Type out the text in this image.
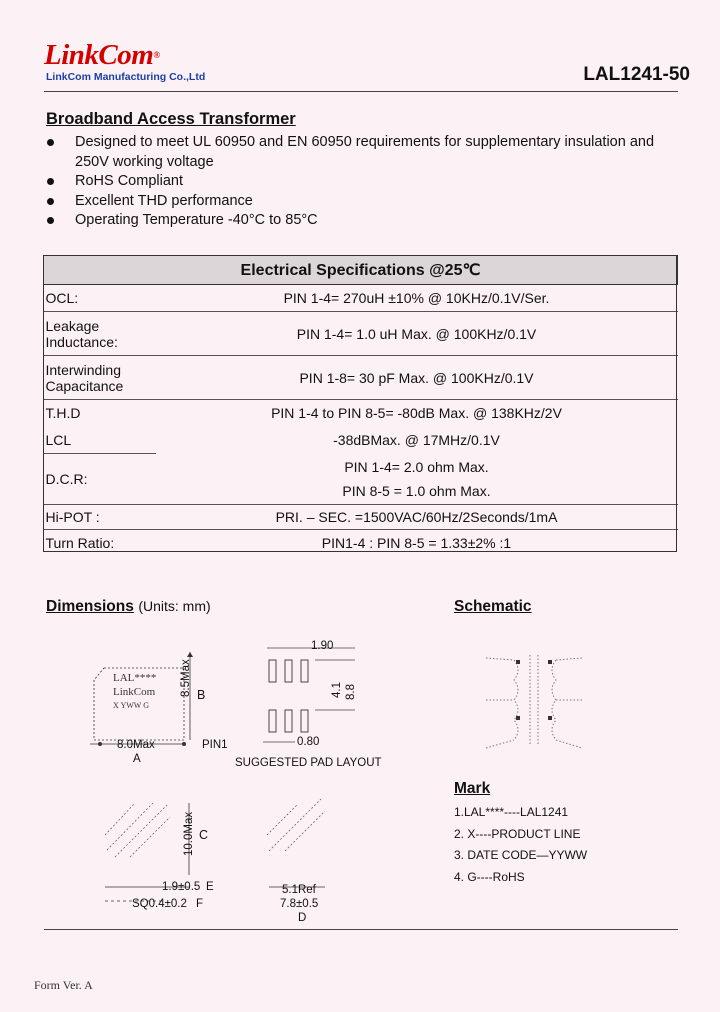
LinkCom®
LinkCom Manufacturing Co.,Ltd	LAL1241-50
Broadband Access Transformer
Designed to meet UL 60950 and EN 60950 requirements for supplementary insulation and 250V working voltage
RoHS Compliant
Excellent THD performance
Operating Temperature -40°C to 85°C
Electrical Specifications @25℃	
OCL:	PIN 1-4= 270uH ±10% @ 10KHz/0.1V/Ser.
Leakage Inductance:	PIN 1-4= 1.0 uH Max. @ 100KHz/0.1V
Interwinding Capacitance	PIN 1-8= 30 pF Max. @ 100KHz/0.1V
T.H.D	PIN 1-4 to PIN 8-5= -80dB Max. @ 138KHz/2V
LCL	-38dBMax. @ 17MHz/0.1V
D.C.R:	PIN 1-4= 2.0 ohm Max.
PIN 8-5 = 1.0 ohm Max.

Hi-POT :	PRI. – SEC. =1500VAC/60Hz/2Seconds/1mA
Turn Ratio:	PIN1-4 : PIN 8-5 = 1.33±2% :1
Dimensions (Units: mm)
LAL****
LinkCom
X YWW G
8.0Max
A
8.5Max B
PIN1
1.90
4.1 8.8
0.80
SUGGESTED PAD LAYOUT
10.0Max C
1.9±0.5 E
SQ0.4±0.2 F
5.1Ref
7.8±0.5
D
Schematic
Mark
1.LAL****----LAL1241
2. X----PRODUCT LINE
3. DATE CODE—YYWW
4. G----RoHS
Form Ver. A
